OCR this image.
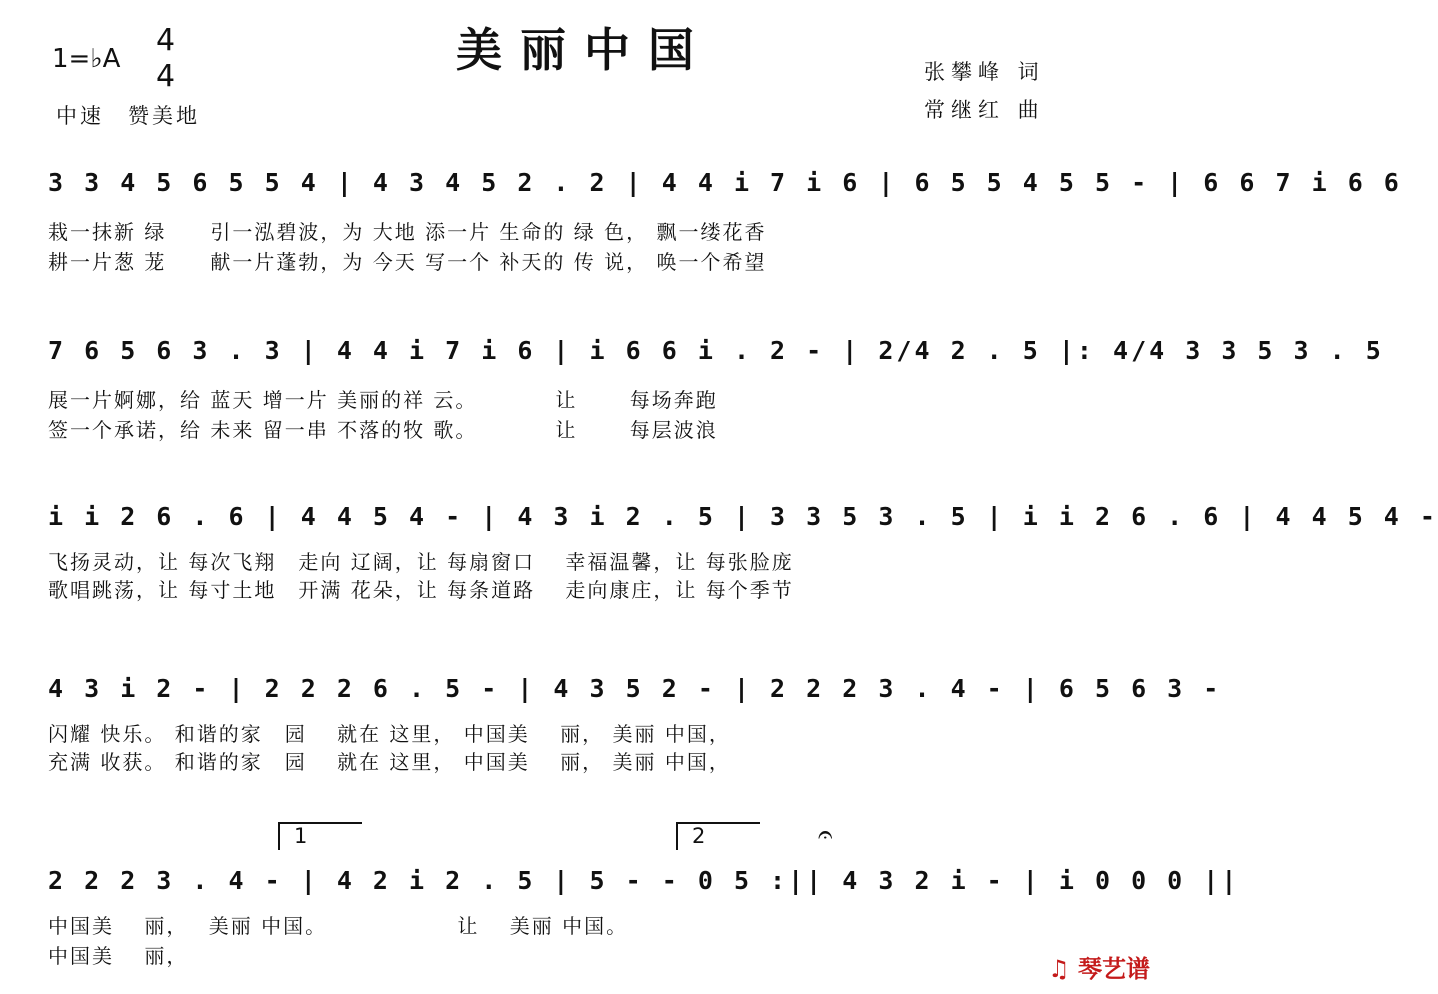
美丽中国
1=♭A
4
4
中速　赞美地
张攀峰 词
常继红 曲
3 3 4 5 6 5 5 4 | 4 3 4 5 2 . 2 | 4 4 i 7 i 6 | 6 5 5 4 5 5 - | 6 6 7 i 6 6
栽一抹新 绿　　引一泓碧波，为 大地 添一片 生命的 绿 色， 飘一缕花香
耕一片葱 茏　　献一片蓬勃，为 今天 写一个 补天的 传 说， 唤一个希望
7 6 5 6 3 . 3 | 4 4 i 7 i 6 | i 6 6 i . 2 - | 2/4 2 . 5 |: 4/4 3 3 5 3 . 5
展一片婀娜，给 蓝天 增一片 美丽的祥 云。　　　　让　　 每场奔跑
签一个承诺，给 未来 留一串 不落的牧 歌。　　　　让　　 每层波浪
i i 2 6 . 6 | 4 4 5 4 - | 4 3 i 2 . 5 | 3 3 5 3 . 5 | i i 2 6 . 6 | 4 4 5 4 -
飞扬灵动，让 每次飞翔　走向 辽阔，让 每扇窗口　 幸福温馨，让 每张脸庞
歌唱跳荡，让 每寸土地　开满 花朵，让 每条道路　 走向康庄，让 每个季节
4 3 i 2 - | 2 2 2 6 . 5 - | 4 3 5 2 - | 2 2 2 3 . 4 - | 6 5 6 3 -
闪耀 快乐。 和谐的家　园　 就在 这里， 中国美　 丽， 美丽 中国，
充满 收获。 和谐的家　园　 就在 这里， 中国美　 丽， 美丽 中国，
1	2	𝄐
2 2 2 3 . 4 - | 4 2 i 2 . 5 | 5 - - 0 5 :|| 4 3 2 i - | i 0 0 0 ||
中国美　 丽，　 美丽 中国。　　　　　　 让　 美丽 中国。
中国美　 丽，	♫ 琴艺谱
